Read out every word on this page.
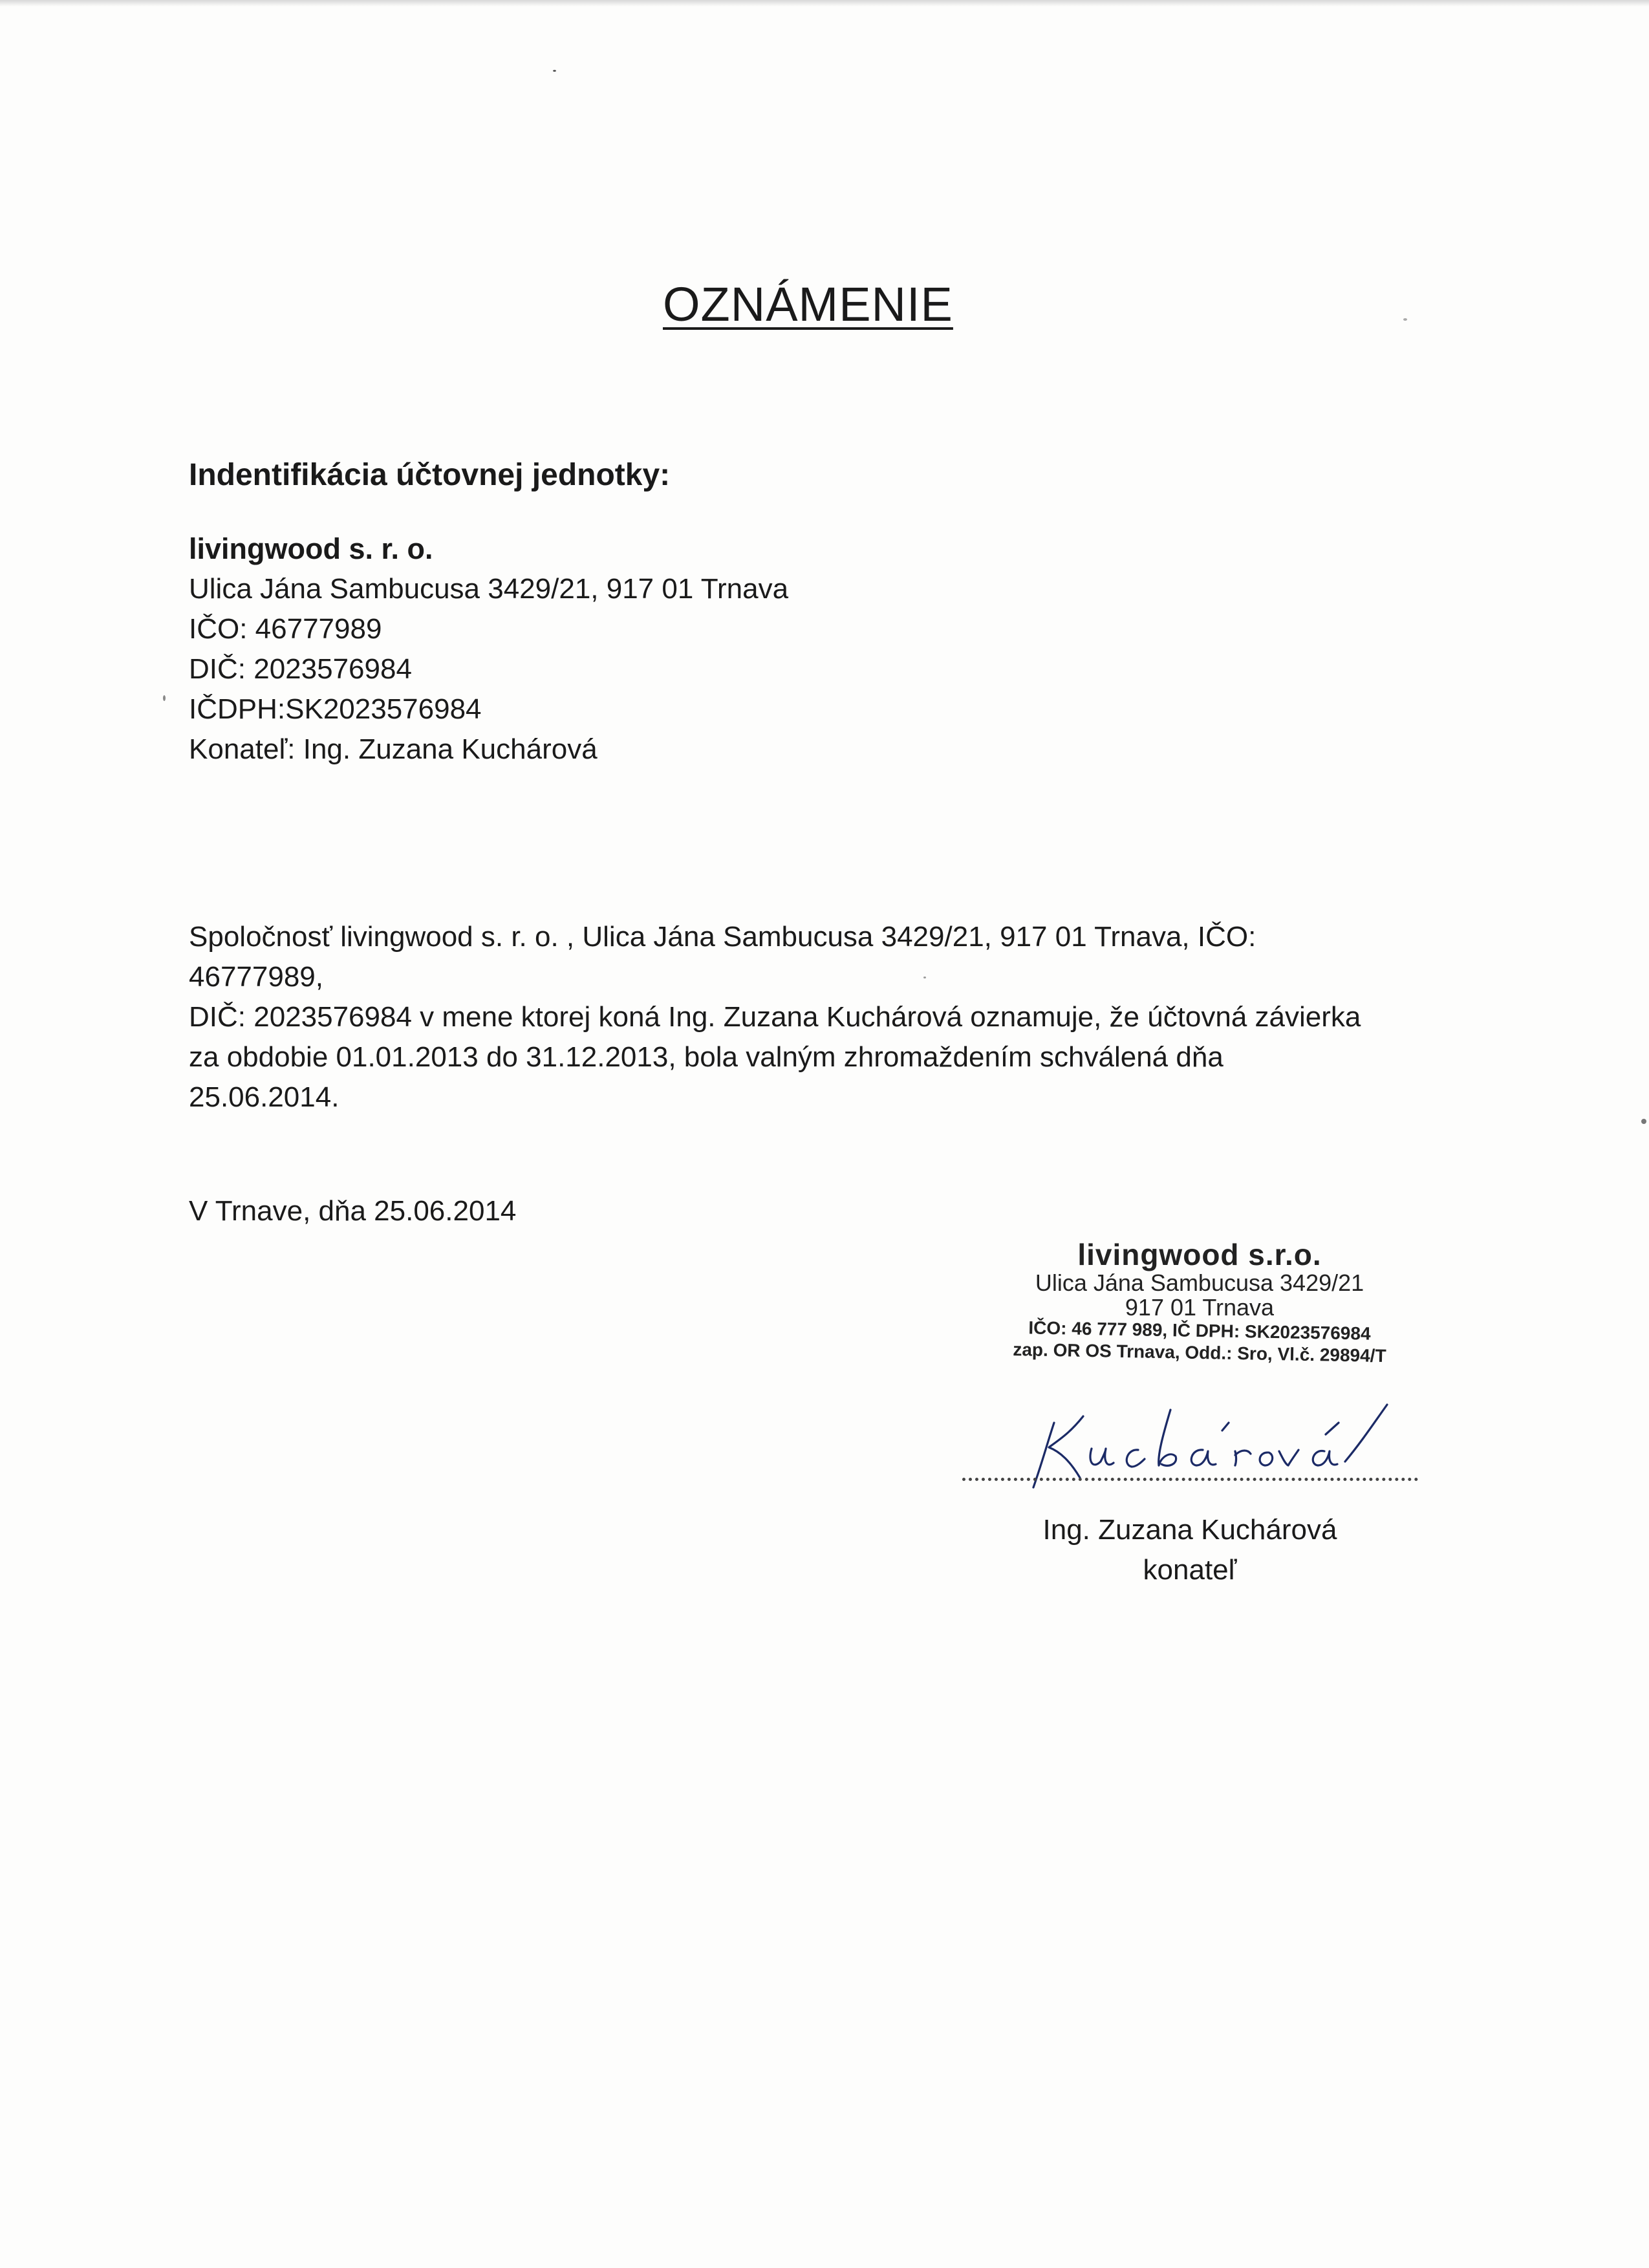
OZNÁMENIE
Indentifikácia účtovnej jednotky:
livingwood s. r. o.
Ulica Jána Sambucusa 3429/21, 917 01 Trnava
IČO: 46777989
DIČ: 2023576984
IČDPH:SK2023576984
Konateľ: Ing. Zuzana Kuchárová
Spoločnosť livingwood s. r. o. , Ulica Jána Sambucusa 3429/21, 917 01 Trnava, IČO:
46777989,
DIČ: 2023576984 v mene ktorej koná Ing. Zuzana Kuchárová oznamuje, že účtovná závierka
za obdobie 01.01.2013 do 31.12.2013, bola valným zhromaždením schválená dňa
25.06.2014.
V Trnave, dňa 25.06.2014
livingwood s.r.o.
Ulica Jána Sambucusa 3429/21
917 01 Trnava
IČO: 46 777 989, IČ DPH: SK2023576984
zap. OR OS Trnava, Odd.: Sro, Vl.č. 29894/T
Ing. Zuzana Kuchárová
konateľ
